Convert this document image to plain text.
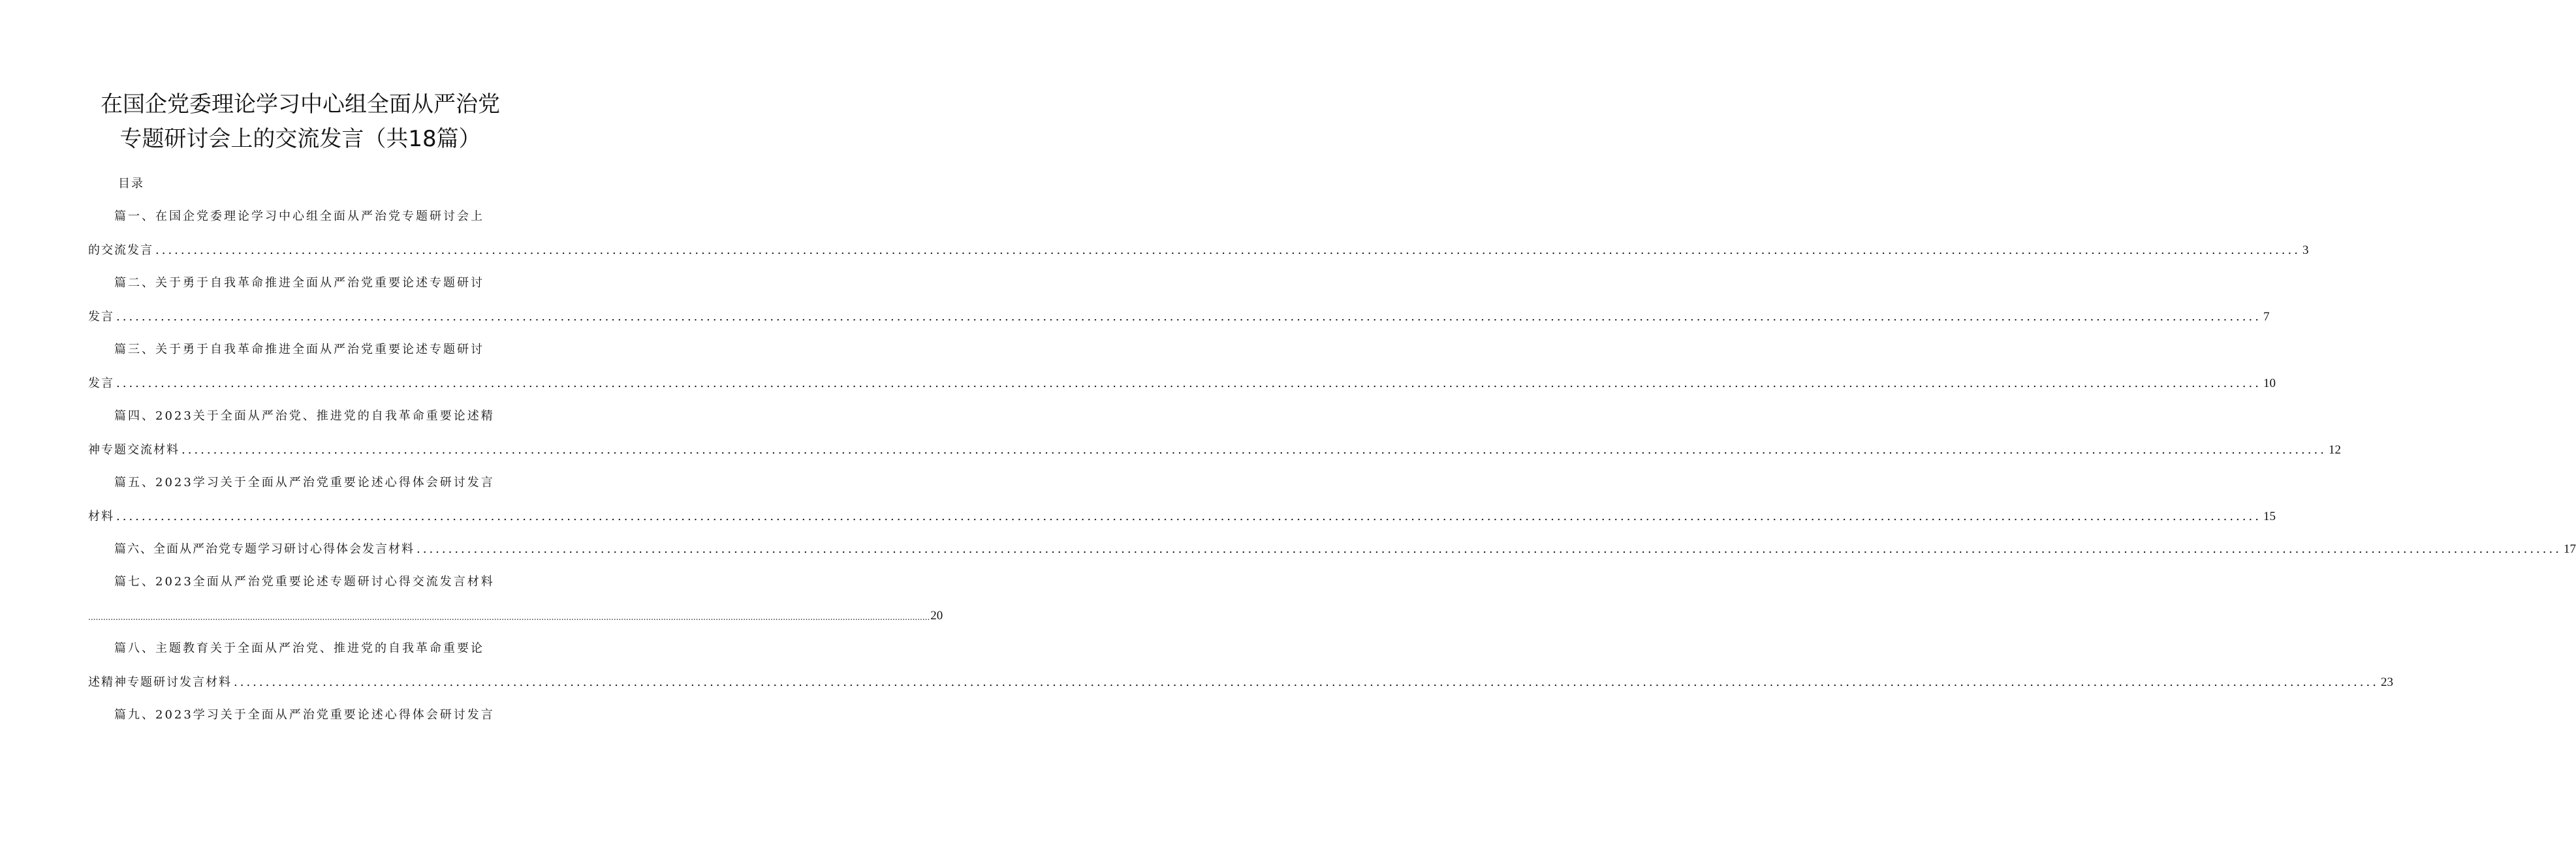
在国企党委理论学习中心组全面从严治党
专题研讨会上的交流发言（共18篇）
目录
篇一、在国企党委理论学习中心组全面从严治党专题研讨会上
的交流发言 .................................................................................................................................................................................................................................................................................................................................................. 3
篇二、关于勇于自我革命推进全面从严治党重要论述专题研讨
发言 .................................................................................................................................................................................................................................................................................................................................................. 7
篇三、关于勇于自我革命推进全面从严治党重要论述专题研讨
发言 .................................................................................................................................................................................................................................................................................................................................................. 10
篇四、2023关于全面从严治党、推进党的自我革命重要论述精
神专题交流材料 .................................................................................................................................................................................................................................................................................................................................................. 12
篇五、2023学习关于全面从严治党重要论述心得体会研讨发言
材料 .................................................................................................................................................................................................................................................................................................................................................. 15
篇六、全面从严治党专题学习研讨心得体会发言材料 .................................................................................................................................................................................................................................................................................................................................................. 17
篇七、2023全面从严治党重要论述专题研讨心得交流发言材料
.................................................................................................................................................................................................................................................................................................................................................. 20
篇八、主题教育关于全面从严治党、推进党的自我革命重要论
述精神专题研讨发言材料 .................................................................................................................................................................................................................................................................................................................................................. 23
篇九、2023学习关于全面从严治党重要论述心得体会研讨发言
